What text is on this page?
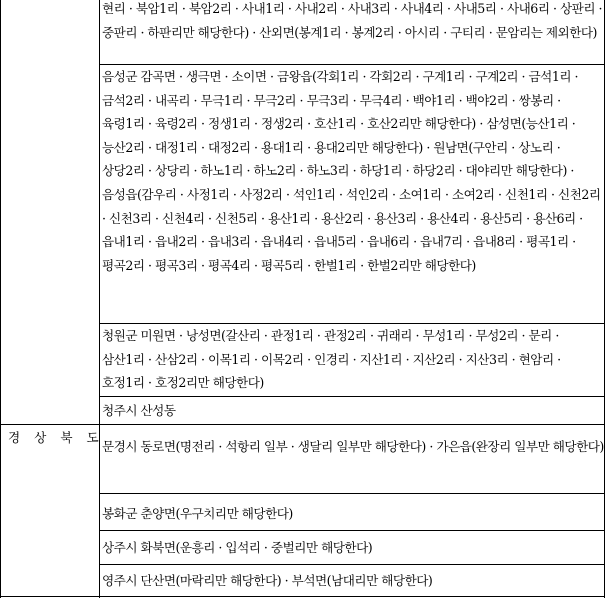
경 상 북 도
현리 · 북암1리 · 북암2리 · 사내1리 · 사내2리 · 사내3리 · 사내4리 · 사내5리 · 사내6리 · 상판리 · 중판리 · 하판리만 해당한다) · 산외면(봉계1리 · 봉계2리 · 아시리 · 구티리 · 문암리는 제외한다)
음성군 감곡면 · 생극면 · 소이면 · 금왕읍(각회1리 · 각회2리 · 구계1리 · 구계2리 · 금석1리 · 금석2리 · 내곡리 · 무극1리 · 무극2리 · 무극3리 · 무극4리 · 백야1리 · 백야2리 · 쌍봉리 · 육령1리 · 육령2리 · 정생1리 · 정생2리 · 호산1리 · 호산2리만 해당한다) · 삼성면(능산1리 · 능산2리 · 대정1리 · 대정2리 · 용대1리 · 용대2리만 해당한다) · 원남면(구안리 · 상노리 · 상당2리 · 상당리 · 하노1리 · 하노2리 · 하노3리 · 하당1리 · 하당2리 · 대야리만 해당한다) · 음성읍(감우리 · 사정1리 · 사정2리 · 석인1리 · 석인2리 · 소여1리 · 소여2리 · 신천1리 · 신천2리 · 신천3리 · 신천4리 · 신천5리 · 용산1리 · 용산2리 · 용산3리 · 용산4리 · 용산5리 · 용산6리 · 읍내1리 · 읍내2리 · 읍내3리 · 읍내4리 · 읍내5리 · 읍내6리 · 읍내7리 · 읍내8리 · 평곡1리 · 평곡2리 · 평곡3리 · 평곡4리 · 평곡5리 · 한벌1리 · 한벌2리만 해당한다)
청원군 미원면 · 낭성면(갈산리 · 관정1리 · 관정2리 · 귀래리 · 무성1리 · 무성2리 · 문리 · 삼산1리 · 산삼2리 · 이목1리 · 이목2리 · 인경리 · 지산1리 · 지산2리 · 지산3리 · 현암리 · 호정1리 · 호정2리만 해당한다)
청주시 산성동
문경시 동로면(명전리 · 석항리 일부 · 생달리 일부만 해당한다) · 가은읍(완장리 일부만 해당한다)
봉화군 춘양면(우구치리만 해당한다)
상주시 화북면(운흥리 · 입석리 · 중벌리만 해당한다)
영주시 단산면(마락리만 해당한다) · 부석면(남대리만 해당한다)
